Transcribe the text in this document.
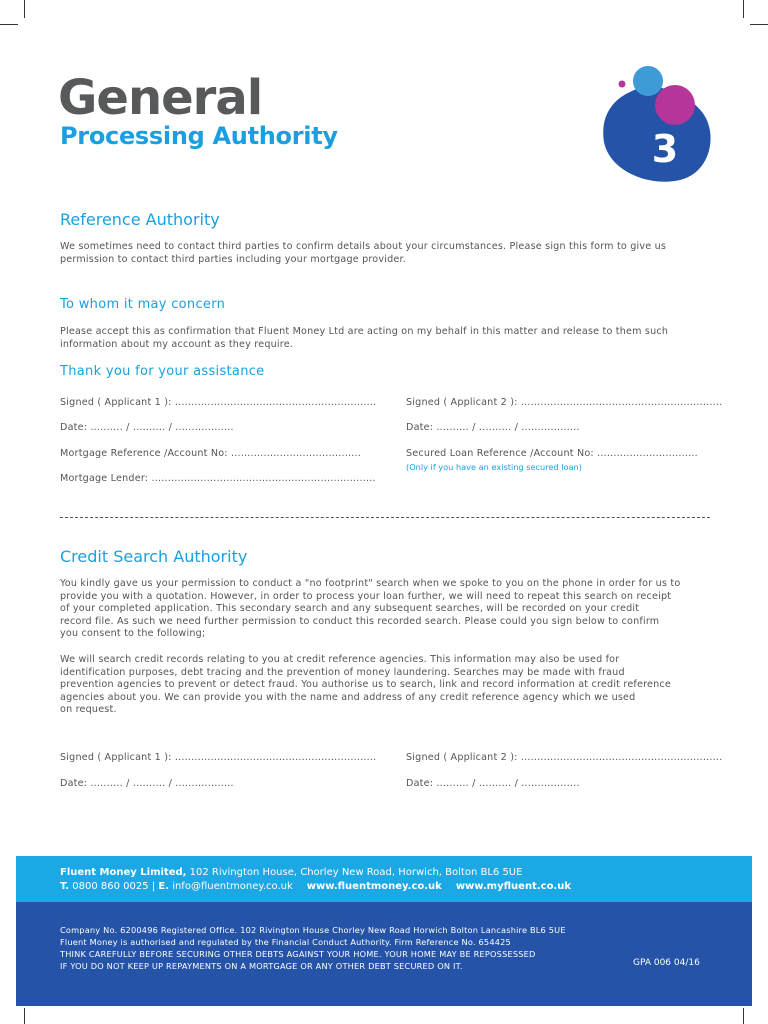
General
Processing Authority	3
Reference Authority
We sometimes need to contact third parties to confirm details about your circumstances. Please sign this form to give us
permission to contact third parties including your mortgage provider.
To whom it may concern
Please accept this as confirmation that Fluent Money Ltd are acting on my behalf in this matter and release to them such
information about my account as they require.
Thank you for your assistance
Signed ( Applicant 1 ): ..............................................................	Signed ( Applicant 2 ): ..............................................................
Date: .......... / .......... / ..................	Date: .......... / .......... / ..................
Mortgage Reference /Account No: ........................................	Secured Loan Reference /Account No: ...............................
(Only if you have an existing secured loan)
Mortgage Lender: .....................................................................
Credit Search Authority
You kindly gave us your permission to conduct a "no footprint" search when we spoke to you on the phone in order for us to
provide you with a quotation. However, in order to process your loan further, we will need to repeat this search on receipt
of your completed application. This secondary search and any subsequent searches, will be recorded on your credit
record file. As such we need further permission to conduct this recorded search. Please could you sign below to confirm
you consent to the following;
We will search credit records relating to you at credit reference agencies. This information may also be used for
identification purposes, debt tracing and the prevention of money laundering. Searches may be made with fraud
prevention agencies to prevent or detect fraud. You authorise us to search, link and record information at credit reference
agencies about you. We can provide you with the name and address of any credit reference agency which we used
on request.
Signed ( Applicant 1 ): ..............................................................	Signed ( Applicant 2 ): ..............................................................
Date: .......... / .......... / ..................	Date: .......... / .......... / ..................
Fluent Money Limited, 102 Rivington House, Chorley New Road, Horwich, Bolton BL6 5UE
T. 0800 860 0025 | E. info@fluentmoney.co.uk www.fluentmoney.co.uk www.myfluent.co.uk
Company No. 6200496 Registered Office. 102 Rivington House Chorley New Road Horwich Bolton Lancashire BL6 5UE
Fluent Money is authorised and regulated by the Financial Conduct Authority. Firm Reference No. 654425
THINK CAREFULLY BEFORE SECURING OTHER DEBTS AGAINST YOUR HOME. YOUR HOME MAY BE REPOSSESSED
IF YOU DO NOT KEEP UP REPAYMENTS ON A MORTGAGE OR ANY OTHER DEBT SECURED ON IT.	GPA 006 04/16
